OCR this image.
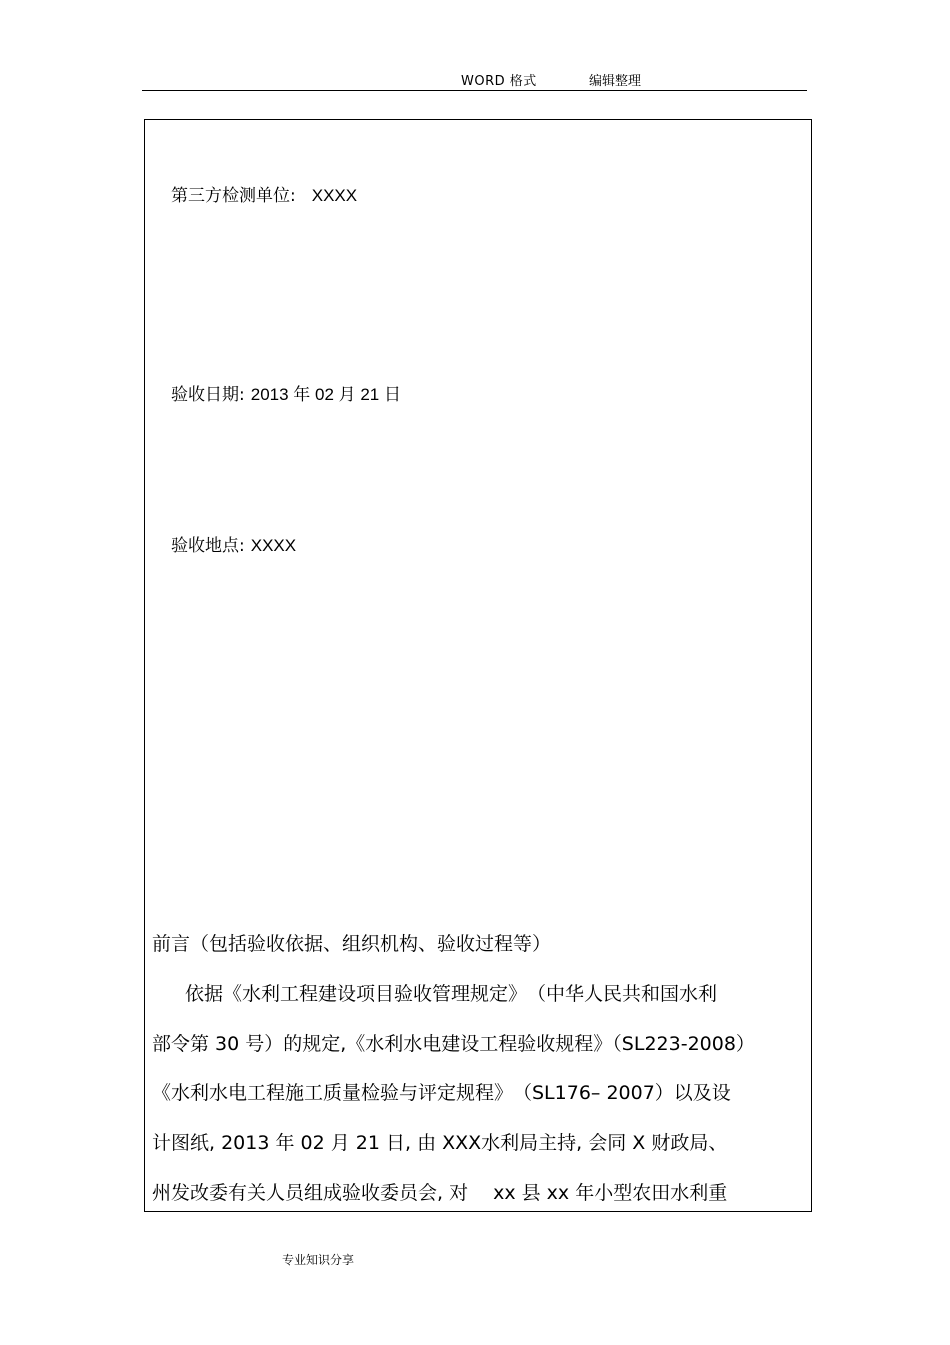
WORD 格式	编辑整理
第三方检测单位: XXXX
验收日期: 2013 年 02 月 21 日
验收地点: XXXX
前言（包括验收依据、组织机构、验收过程等）
依据《水利工程建设项目验收管理规定》　（中华人民共和国水利
部令第 30 号）的规定,《水利水电建设工程验收规程》（SL223-2008）
《水利水电工程施工质量检验与评定规程》　（SL176– 2007）以及设
计图纸, 2013 年 02 月 21 日, 由 XXX水利局主持, 会同 X 财政局、
州发改委有关人员组成验收委员会, 对　 xx 县 xx 年小型农田水利重
专业知识分享
